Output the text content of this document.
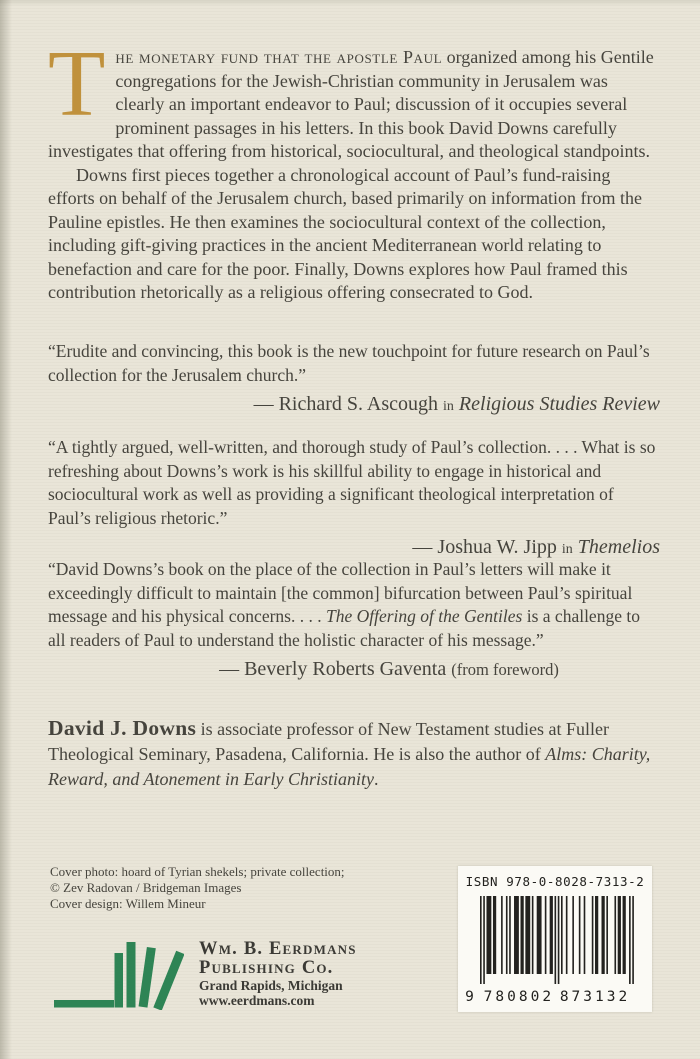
The monetary fund that the apostle Paul organized among his Gentile congregations for the Jewish-Christian community in Jerusalem was clearly an important endeavor to Paul; discussion of it occupies several prominent passages in his letters. In this book David Downs carefully investigates that offering from historical, sociocultural, and theological standpoints.

Downs first pieces together a chronological account of Paul’s fund-raising efforts on behalf of the Jerusalem church, based primarily on information from the Pauline epistles. He then examines the sociocultural context of the collection, including gift-giving practices in the ancient Mediterranean world relating to benefaction and care for the poor. Finally, Downs explores how Paul framed this contribution rhetorically as a religious offering consecrated to God.

“Erudite and convincing, this book is the new touchpoint for future research on Paul’s collection for the Jerusalem church.”

— Richard S. Ascough in Religious Studies Review

“A tightly argued, well-written, and thorough study of Paul’s collection. . . . What is so refreshing about Downs’s work is his skillful ability to engage in historical and sociocultural work as well as providing a significant theological interpretation of Paul’s religious rhetoric.”

— Joshua W. Jipp in Themelios

“David Downs’s book on the place of the collection in Paul’s letters will make it exceedingly difficult to maintain [the common] bifurcation between Paul’s spiritual message and his physical concerns. . . . The Offering of the Gentiles is a challenge to all readers of Paul to understand the holistic character of his message.”

— Beverly Roberts Gaventa (from foreword)

David J. Downs is associate professor of New Testament studies at Fuller Theological Seminary, Pasadena, California. He is also the author of Alms: Charity, Reward, and Atonement in Early Christianity.

Cover photo: hoard of Tyrian shekels; private collection;
© Zev Radovan / Bridgeman Images
Cover design: Willem Mineur
ISBN 978-0-8028-7313-2
9 780802 873132
Wm. B. Eerdmans
Publishing Co.
Grand Rapids, Michigan
www.eerdmans.com
